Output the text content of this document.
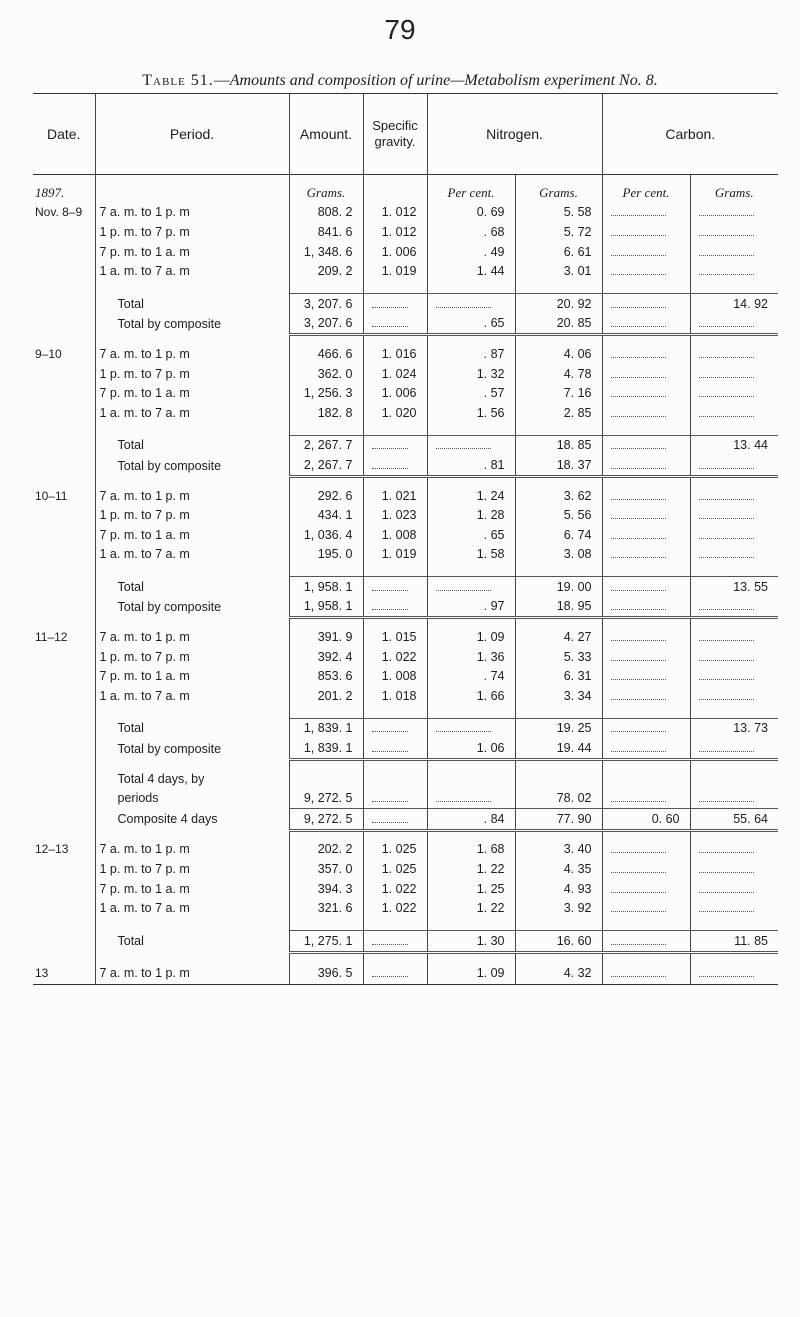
79
Table 51.—Amounts and composition of urine—Metabolism experiment No. 8.
Date.	Period.	Amount.	Specific gravity.	Nitrogen.		Carbon.	

1897.		Grams.		Per cent.	Grams.	Per cent.	Grams.
Nov. 8–9	7 a. m. to 1 p. m	808. 2	1. 012	0. 69	5. 58		
	1 p. m. to 7 p. m	841. 6	1. 012	. 68	5. 72		
	7 p. m. to 1 a. m	1, 348. 6	1. 006	. 49	6. 61		
	1 a. m. to 7 a. m	209. 2	1. 019	1. 44	3. 01		

	Total	3, 207. 6			20. 92		14. 92
	Total by composite	3, 207. 6		. 65	20. 85		

9–10	7 a. m. to 1 p. m	466. 6	1. 016	. 87	4. 06		
	1 p. m. to 7 p. m	362. 0	1. 024	1. 32	4. 78		
	7 p. m. to 1 a. m	1, 256. 3	1. 006	. 57	7. 16		
	1 a. m. to 7 a. m	182. 8	1. 020	1. 56	2. 85		

	Total	2, 267. 7			18. 85		13. 44
	Total by composite	2, 267. 7		. 81	18. 37		

10–11	7 a. m. to 1 p. m	292. 6	1. 021	1. 24	3. 62		
	1 p. m. to 7 p. m	434. 1	1. 023	1. 28	5. 56		
	7 p. m. to 1 a. m	1, 036. 4	1. 008	. 65	6. 74		
	1 a. m. to 7 a. m	195. 0	1. 019	1. 58	3. 08		

	Total	1, 958. 1			19. 00		13. 55
	Total by composite	1, 958. 1		. 97	18. 95		

11–12	7 a. m. to 1 p. m	391. 9	1. 015	1. 09	4. 27		
	1 p. m. to 7 p. m	392. 4	1. 022	1. 36	5. 33		
	7 p. m. to 1 a. m	853. 6	1. 008	. 74	6. 31		
	1 a. m. to 7 a. m	201. 2	1. 018	1. 66	3. 34		

	Total	1, 839. 1			19. 25		13. 73
	Total by composite	1, 839. 1		1. 06	19. 44		

	Total 4 days, by						
	periods	9, 272. 5			78. 02		
	Composite 4 days	9, 272. 5		. 84	77. 90	0. 60	55. 64

12–13	7 a. m. to 1 p. m	202. 2	1. 025	1. 68	3. 40		
	1 p. m. to 7 p. m	357. 0	1. 025	1. 22	4. 35		
	7 p. m. to 1 a. m	394. 3	1. 022	1. 25	4. 93		
	1 a. m. to 7 a. m	321. 6	1. 022	1. 22	3. 92		

	Total	1, 275. 1		1. 30	16. 60		11. 85

13	7 a. m. to 1 p. m	396. 5		1. 09	4. 32		
